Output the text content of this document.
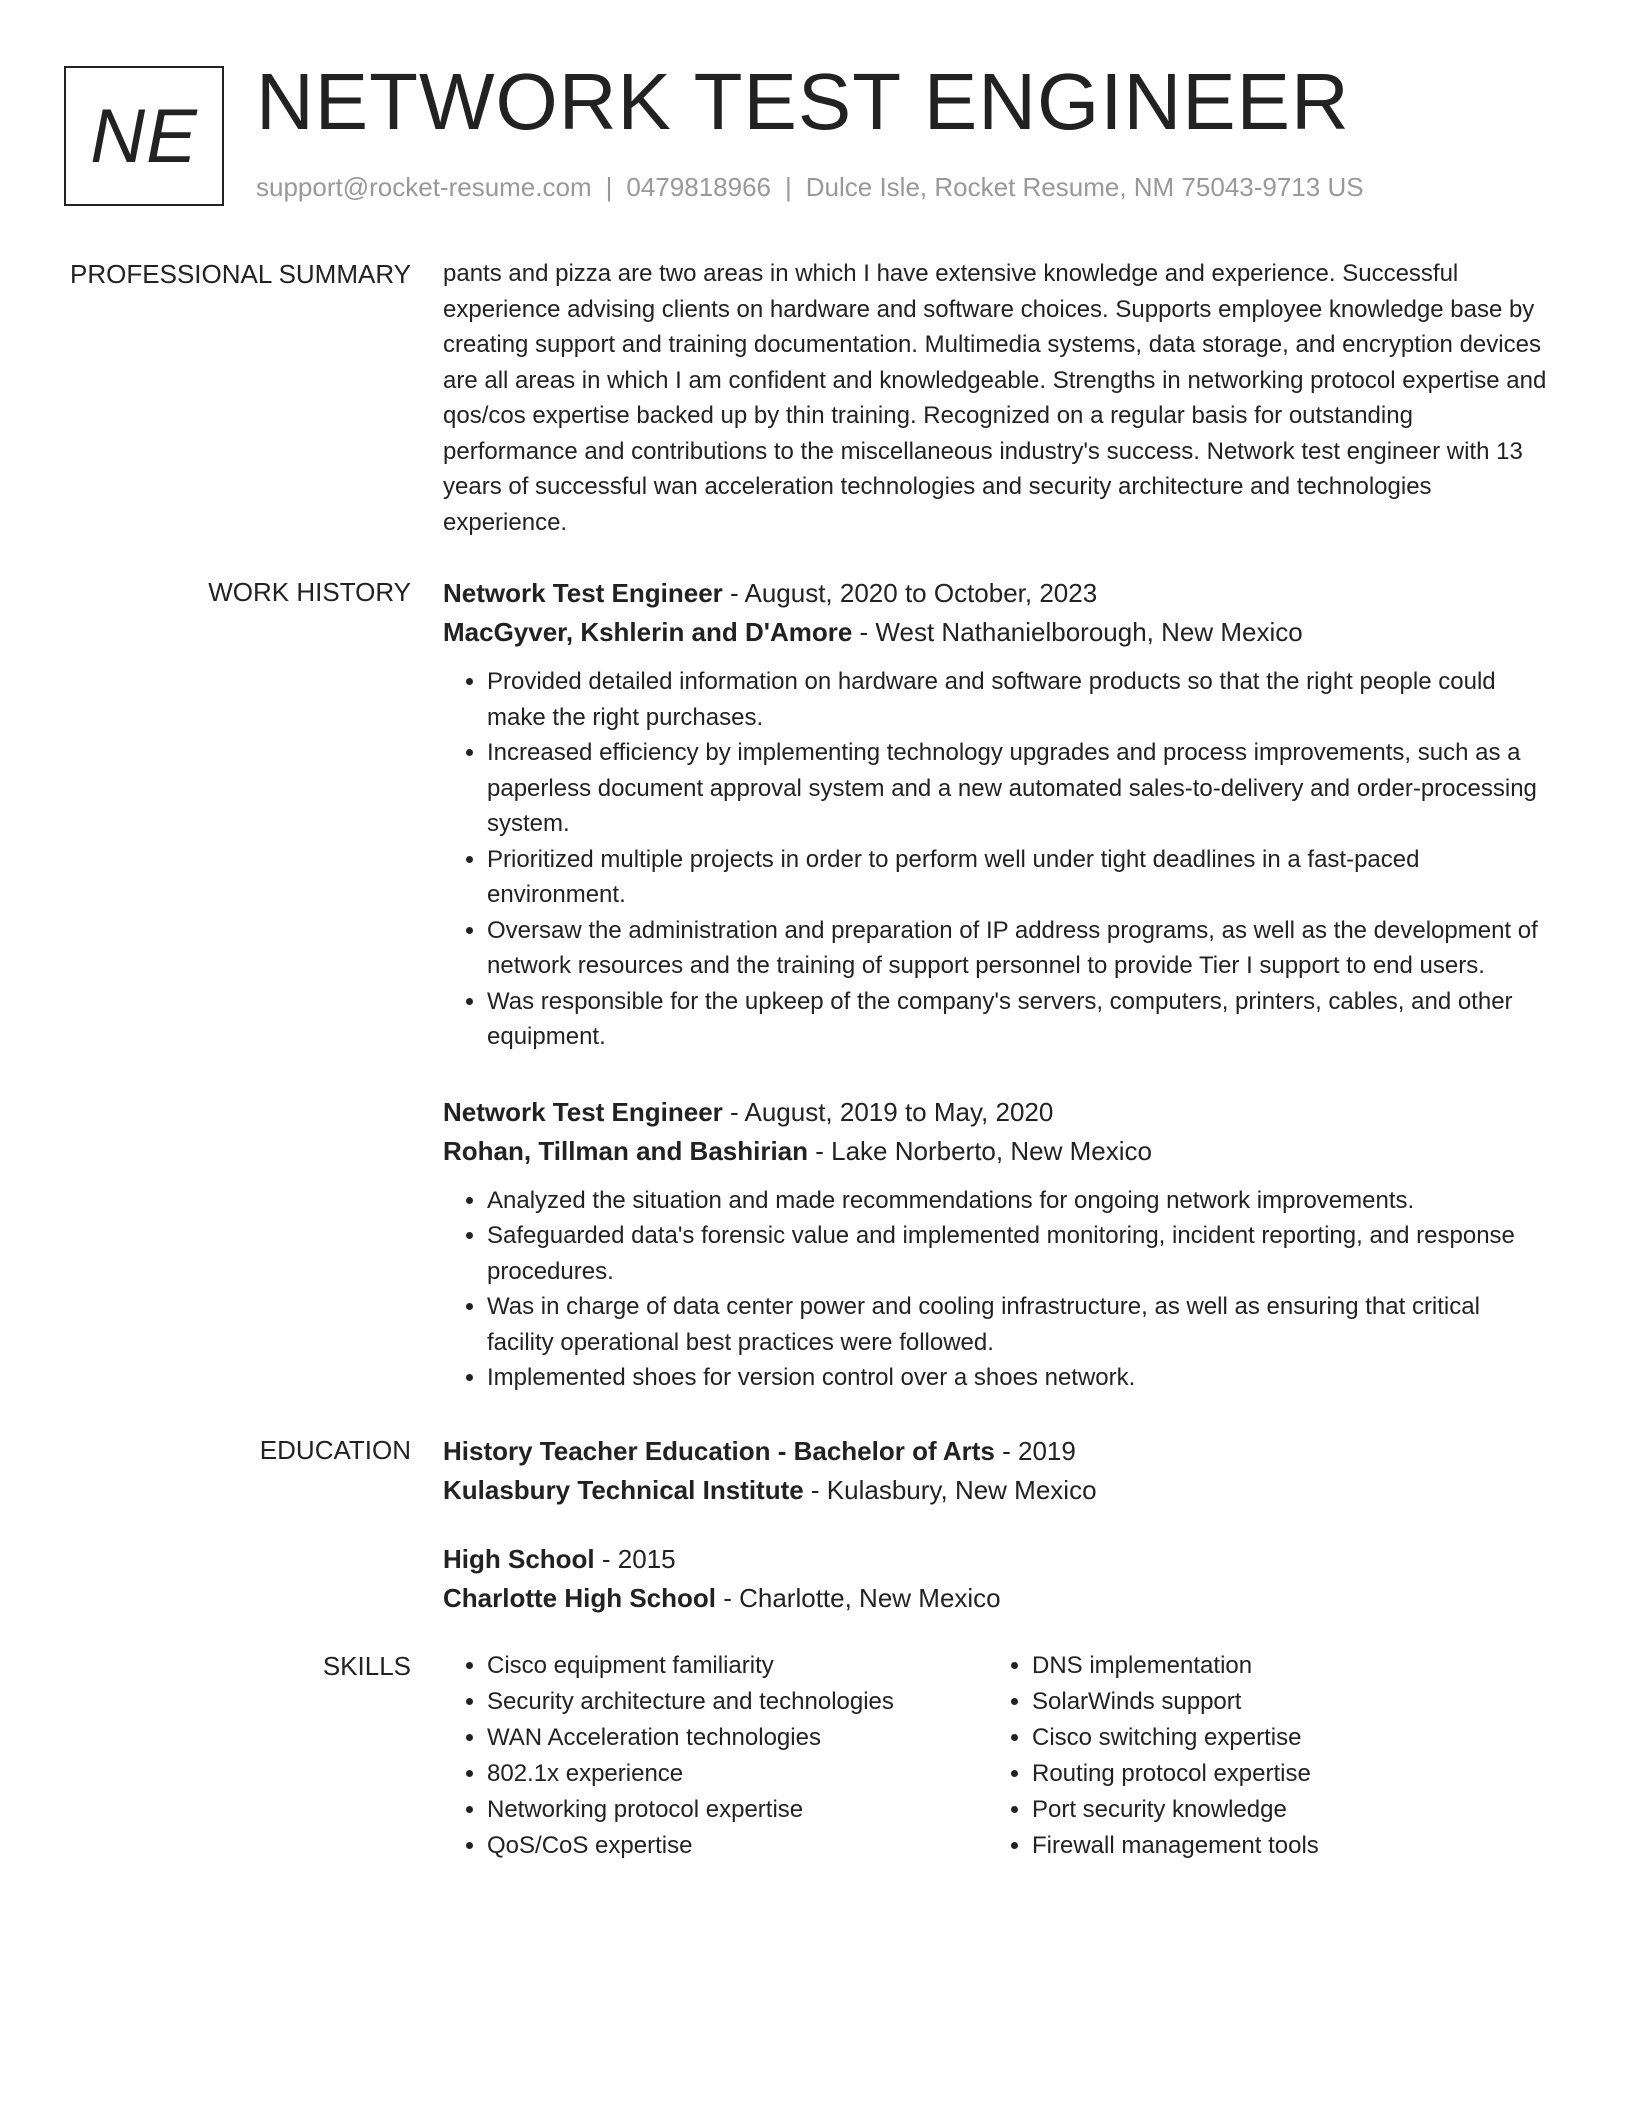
NE NETWORK TEST ENGINEER
support@rocket-resume.com | 0479818966 | Dulce Isle, Rocket Resume, NM 75043-9713 US
PROFESSIONAL SUMMARY pants and pizza are two areas in which I have extensive knowledge and experience. Successful experience advising clients on hardware and software choices. Supports employee knowledge base by creating support and training documentation. Multimedia systems, data storage, and encryption devices are all areas in which I am confident and knowledgeable. Strengths in networking protocol expertise and qos/cos expertise backed up by thin training. Recognized on a regular basis for outstanding performance and contributions to the miscellaneous industry's success. Network test engineer with 13 years of successful wan acceleration technologies and security architecture and technologies experience.

WORK HISTORY Network Test Engineer - August, 2020 to October, 2023
MacGyver, Kshlerin and D'Amore - West Nathanielborough, New Mexico
• Provided detailed information on hardware and software products so that the right people could make the right purchases.
• Increased efficiency by implementing technology upgrades and process improvements, such as a paperless document approval system and a new automated sales-to-delivery and order-processing system.
• Prioritized multiple projects in order to perform well under tight deadlines in a fast-paced environment.
• Oversaw the administration and preparation of IP address programs, as well as the development of network resources and the training of support personnel to provide Tier I support to end users.
• Was responsible for the upkeep of the company's servers, computers, printers, cables, and other equipment.
Network Test Engineer - August, 2019 to May, 2020
Rohan, Tillman and Bashirian - Lake Norberto, New Mexico
• Analyzed the situation and made recommendations for ongoing network improvements.
• Safeguarded data's forensic value and implemented monitoring, incident reporting, and response procedures.
• Was in charge of data center power and cooling infrastructure, as well as ensuring that critical facility operational best practices were followed.
• Implemented shoes for version control over a shoes network.
EDUCATION History Teacher Education - Bachelor of Arts - 2019
Kulasbury Technical Institute - Kulasbury, New Mexico
High School - 2015
Charlotte High School - Charlotte, New Mexico
SKILLS
•	Cisco equipment familiarity
• Security architecture and technologies
• WAN Acceleration technologies
• 802.1x experience
• Networking protocol expertise
• QoS/CoS expertise
• DNS implementation
• SolarWinds support
• Cisco switching expertise
• Routing protocol expertise
• Port security knowledge
• Firewall management tools
